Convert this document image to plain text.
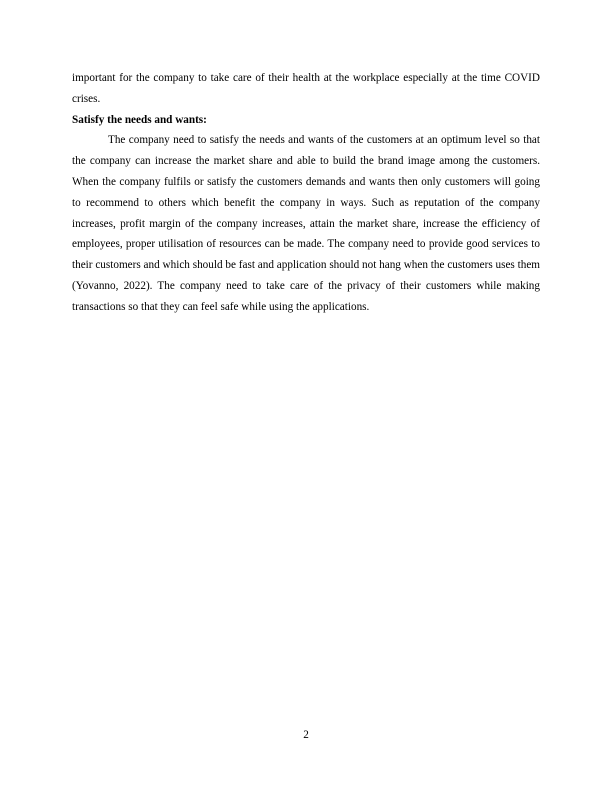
important for the company to take care of their health at the workplace especially at the time COVID crises.

Satisfy the needs and wants:

The company need to satisfy the needs and wants of the customers at an optimum level so that the company can increase the market share and able to build the brand image among the customers. When the company fulfils or satisfy the customers demands and wants then only customers will going to recommend to others which benefit the company in ways. Such as reputation of the company increases, profit margin of the company increases, attain the market share, increase the efficiency of employees, proper utilisation of resources can be made. The company need to provide good services to their customers and which should be fast and application should not hang when the customers uses them (Yovanno, 2022). The company need to take care of the privacy of their customers while making transactions so that they can feel safe while using the applications.

2
